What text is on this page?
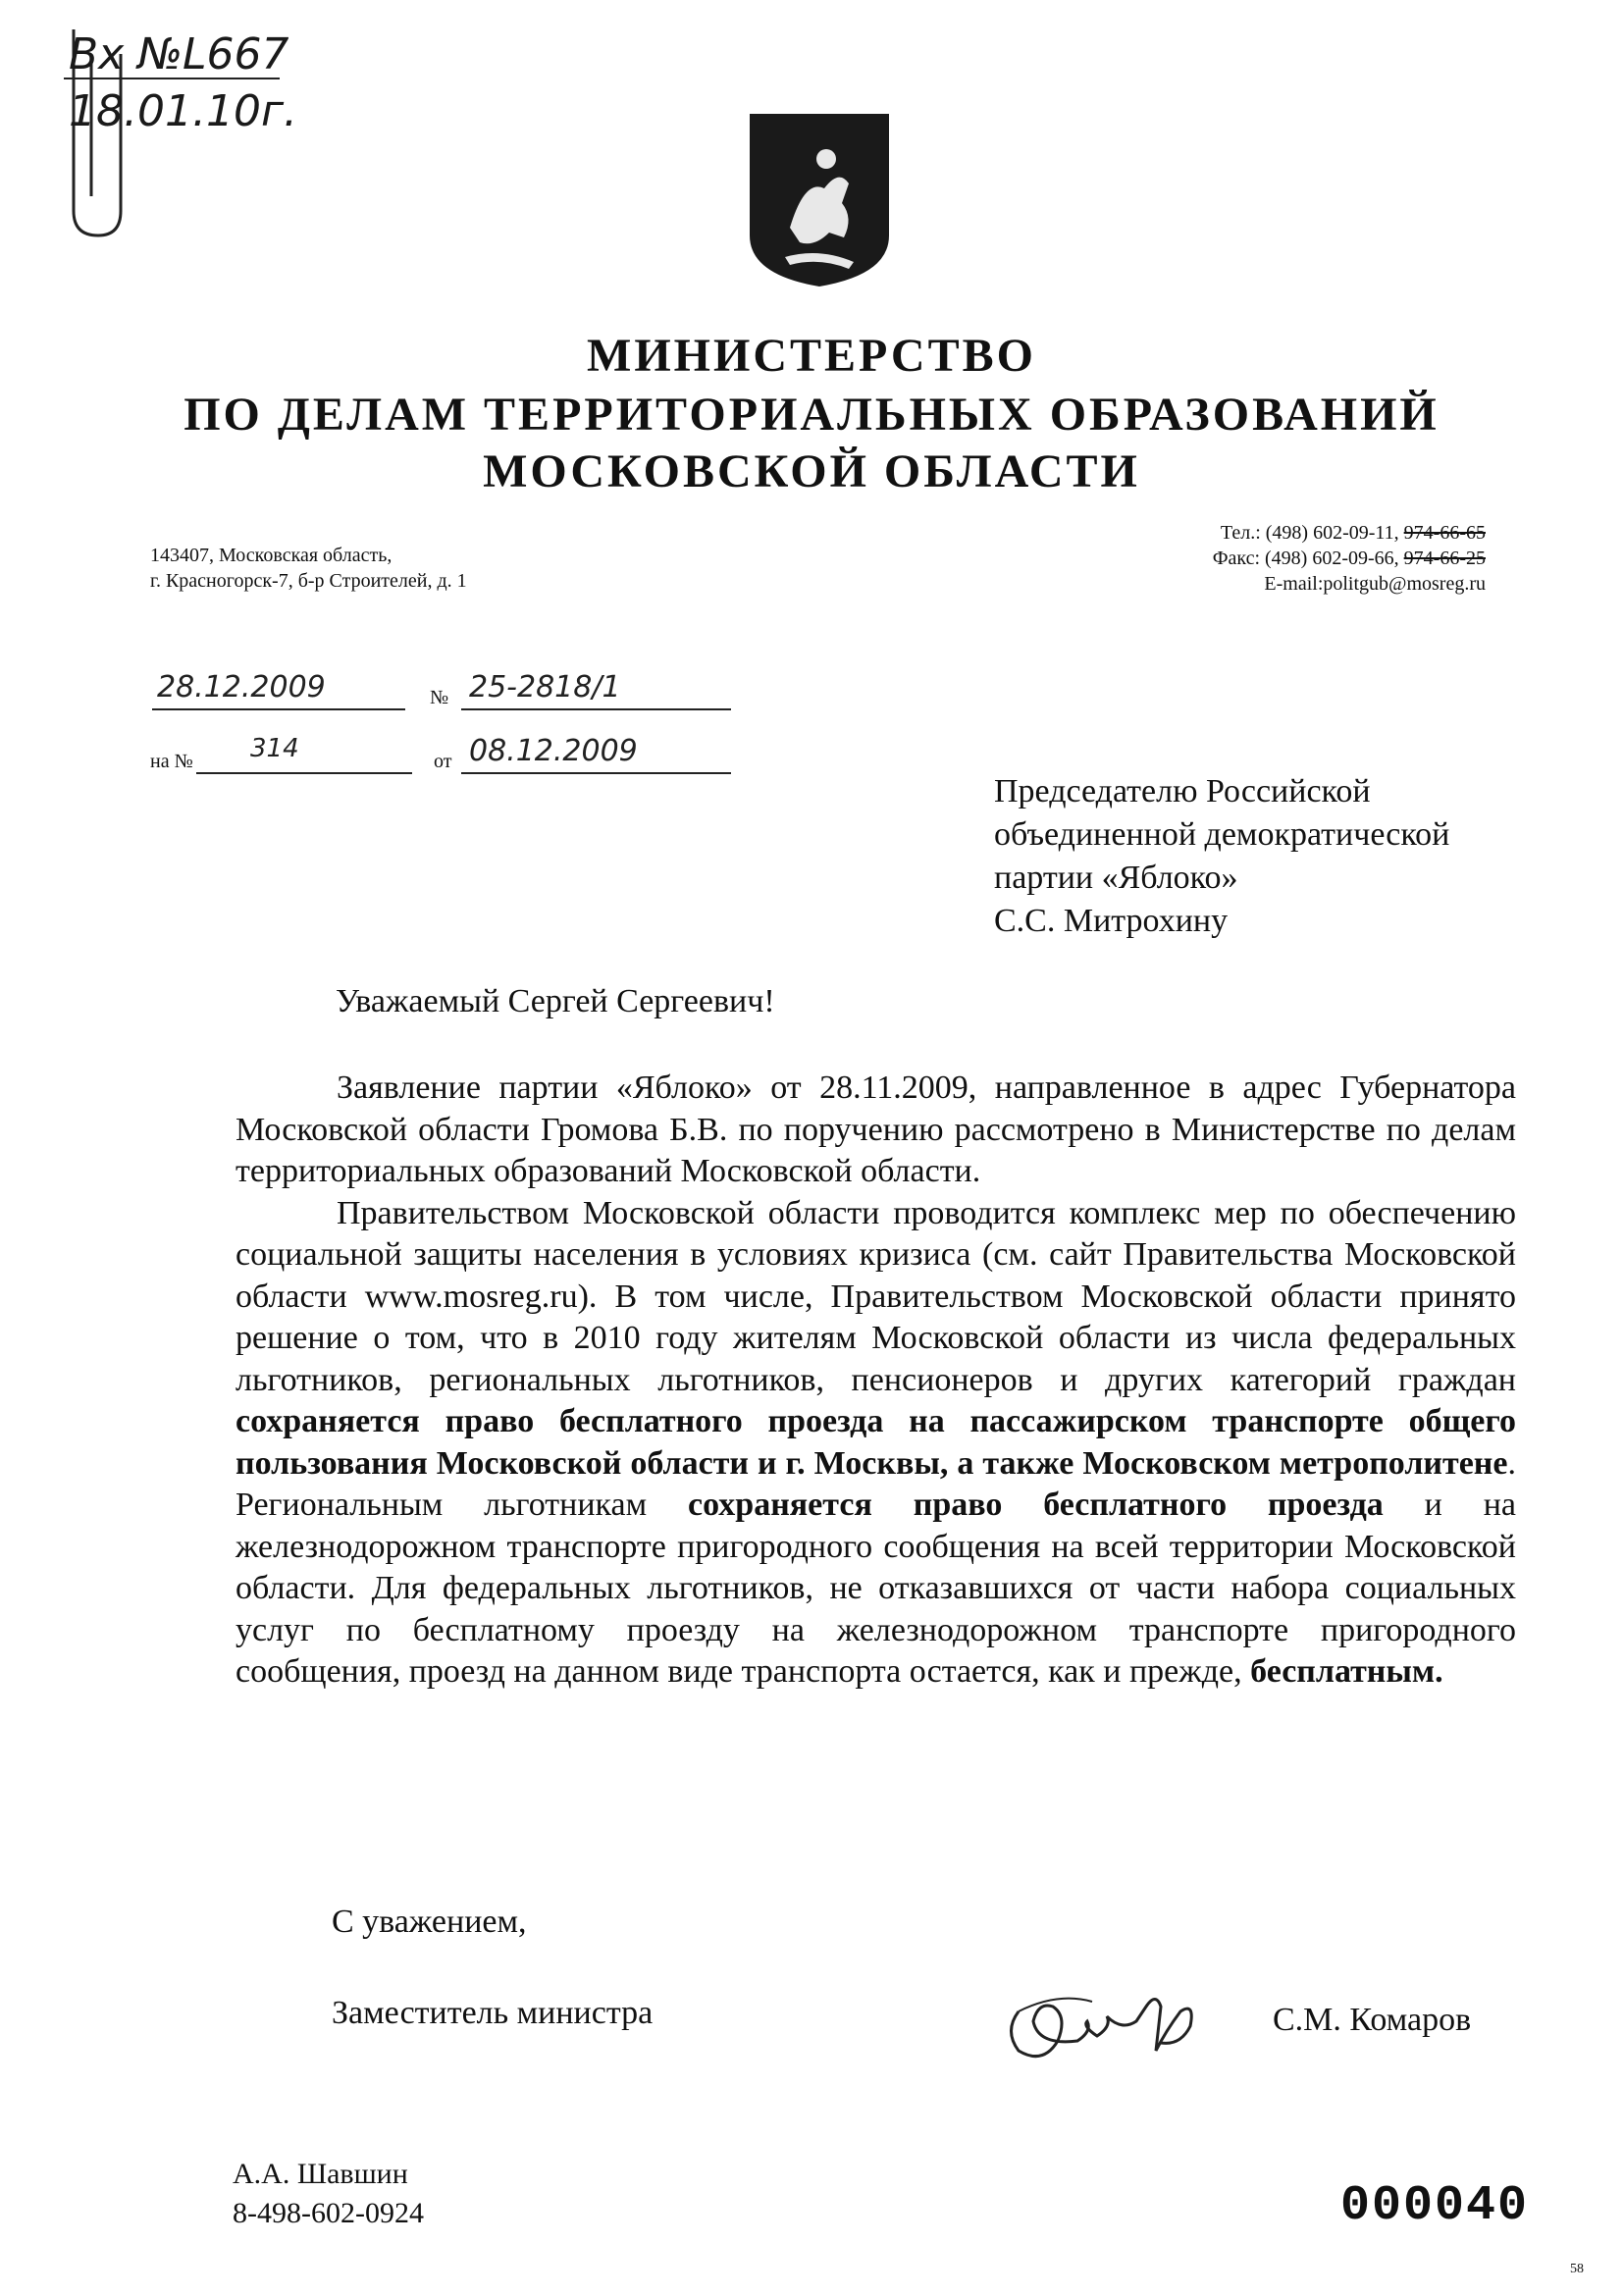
Вх №L667
18.01.10г.
МИНИСТЕРСТВО
ПО ДЕЛАМ ТЕРРИТОРИАЛЬНЫХ ОБРАЗОВАНИЙ
МОСКОВСКОЙ ОБЛАСТИ
143407, Московская область,
г. Красногорск-7, б-р Строителей, д. 1
Тел.: (498) 602-09-11, 974-66-65
Факс: (498) 602-09-66, 974-66-25
E-mail:politgub@mosreg.ru
28.12.2009	№ 25-2818/1
на № 314	от 08.12.2009
Председателю Российской
объединенной демократической
партии «Яблоко»
С.С. Митрохину
Уважаемый Сергей Сергеевич!

Заявление партии «Яблоко» от 28.11.2009, направленное в адрес Губернатора Московской области Громова Б.В. по поручению рассмотрено в Министерстве по делам территориальных образований Московской области.

Правительством Московской области проводится комплекс мер по обеспечению социальной защиты населения в условиях кризиса (см. сайт Правительства Московской области www.mosreg.ru). В том числе, Правительством Московской области принято решение о том, что в 2010 году жителям Московской области из числа федеральных льготников, региональных льготников, пенсионеров и других категорий граждан сохраняется право бесплатного проезда на пассажирском транспорте общего пользования Московской области и г. Москвы, а также Московском метрополитене. Региональным льготникам сохраняется право бесплатного проезда и на железнодорожном транспорте пригородного сообщения на всей территории Московской области. Для федеральных льготников, не отказавшихся от части набора социальных услуг по бесплатному проезду на железнодорожном транспорте пригородного сообщения, проезд на данном виде транспорта остается, как и прежде, бесплатным.

С уважением,
Заместитель министра	С.М. Комаров
А.А. Шавшин
8-498-602-0924	000040
58
